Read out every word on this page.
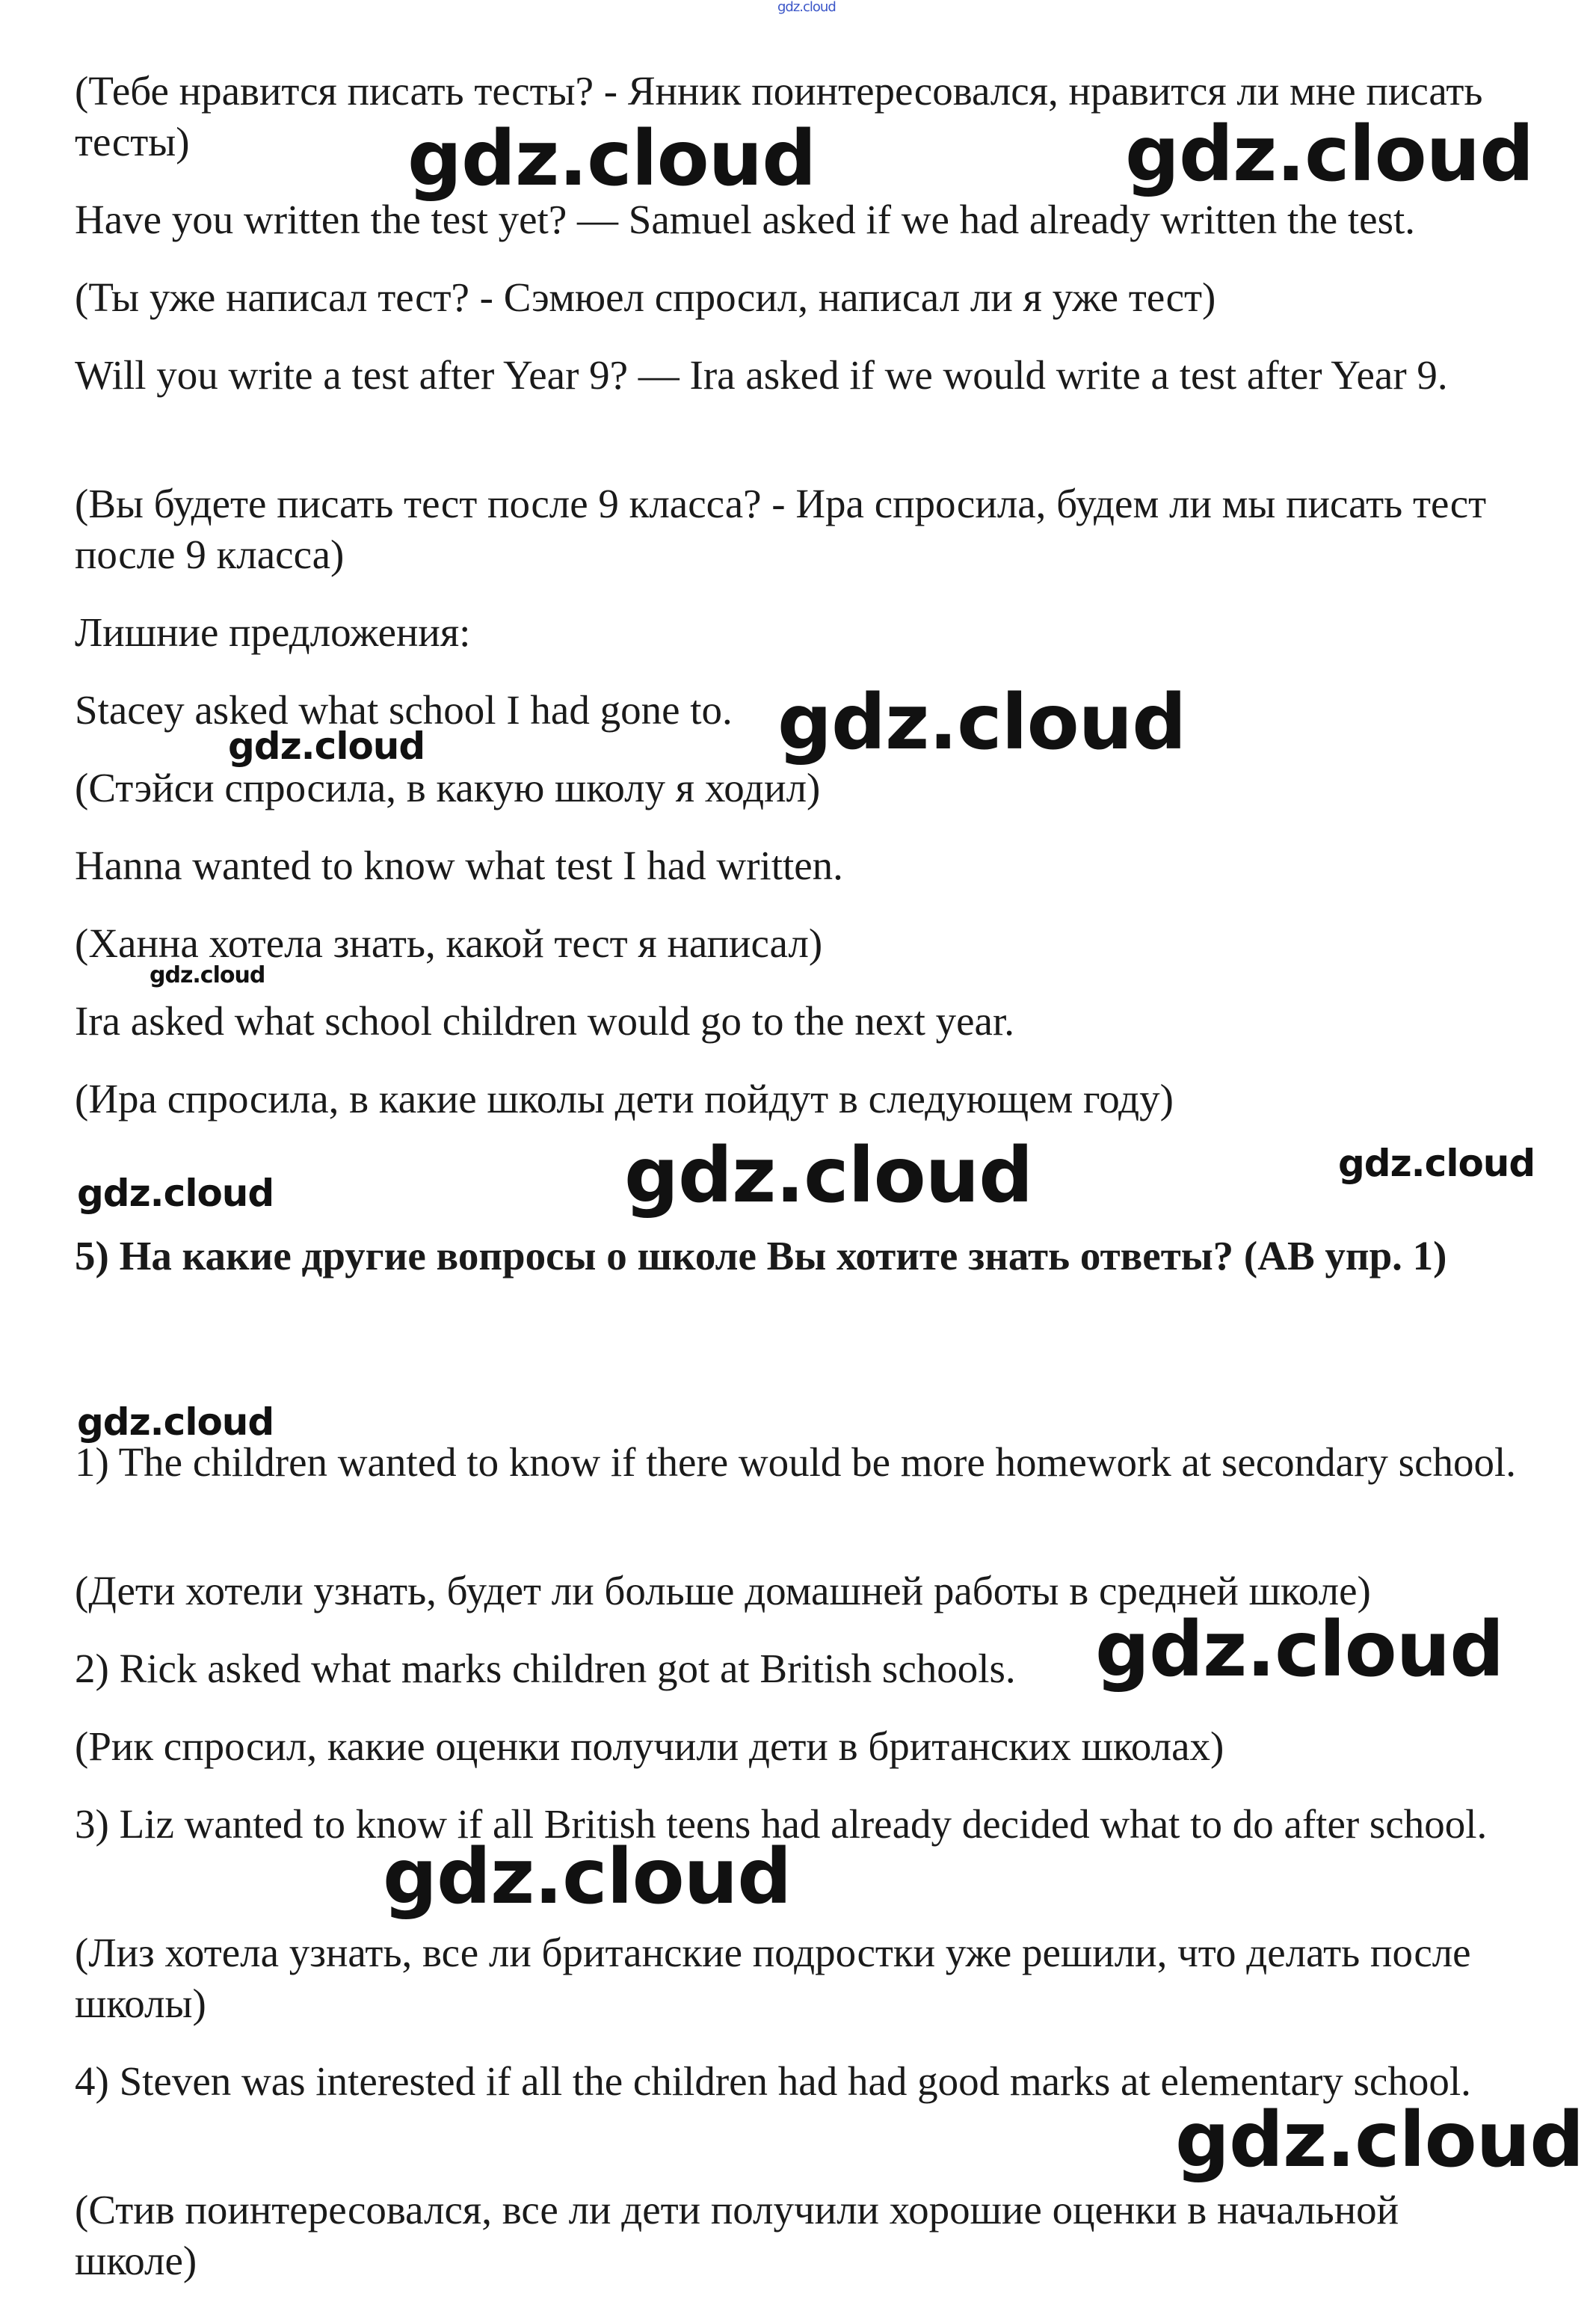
gdz.cloud

(Тебе нравится писать тесты? - Янник поинтересовался, нравится ли мне писать тесты)

Have you written the test yet? — Samuel asked if we had already written the test.

(Ты уже написал тест? - Сэмюел спросил, написал ли я уже тест)

Will you write a test after Year 9? — Ira asked if we would write a test after Year 9.

(Вы будете писать тест после 9 класса? - Ира спросила, будем ли мы писать тест после 9 класса)

Лишние предложения:

Stacey asked what school I had gone to.

(Стэйси спросила, в какую школу я ходил)

Hanna wanted to know what test I had written.

(Ханна хотела знать, какой тест я написал)

Ira asked what school children would go to the next year.

(Ира спросила, в какие школы дети пойдут в следующем году)

5) На какие другие вопросы о школе Вы хотите знать ответы? (АВ упр. 1)

1) The children wanted to know if there would be more homework at secondary school.

(Дети хотели узнать, будет ли больше домашней работы в средней школе)

2) Rick asked what marks children got at British schools.

(Рик спросил, какие оценки получили дети в британских школах)

3) Liz wanted to know if all British teens had already decided what to do after school.

(Лиз хотела узнать, все ли британские подростки уже решили, что делать после школы)

4) Steven was interested if all the children had had good marks at elementary school.

(Стив поинтересовался, все ли дети получили хорошие оценки в начальной школе)

gdz.cloud	gdz.cloud
gdz.cloud
gdz.cloud
gdz.cloud
gdz.cloud	gdz.cloud
gdz.cloud
gdz.cloud
gdz.cloud
gdz.cloud
gdz.cloud
